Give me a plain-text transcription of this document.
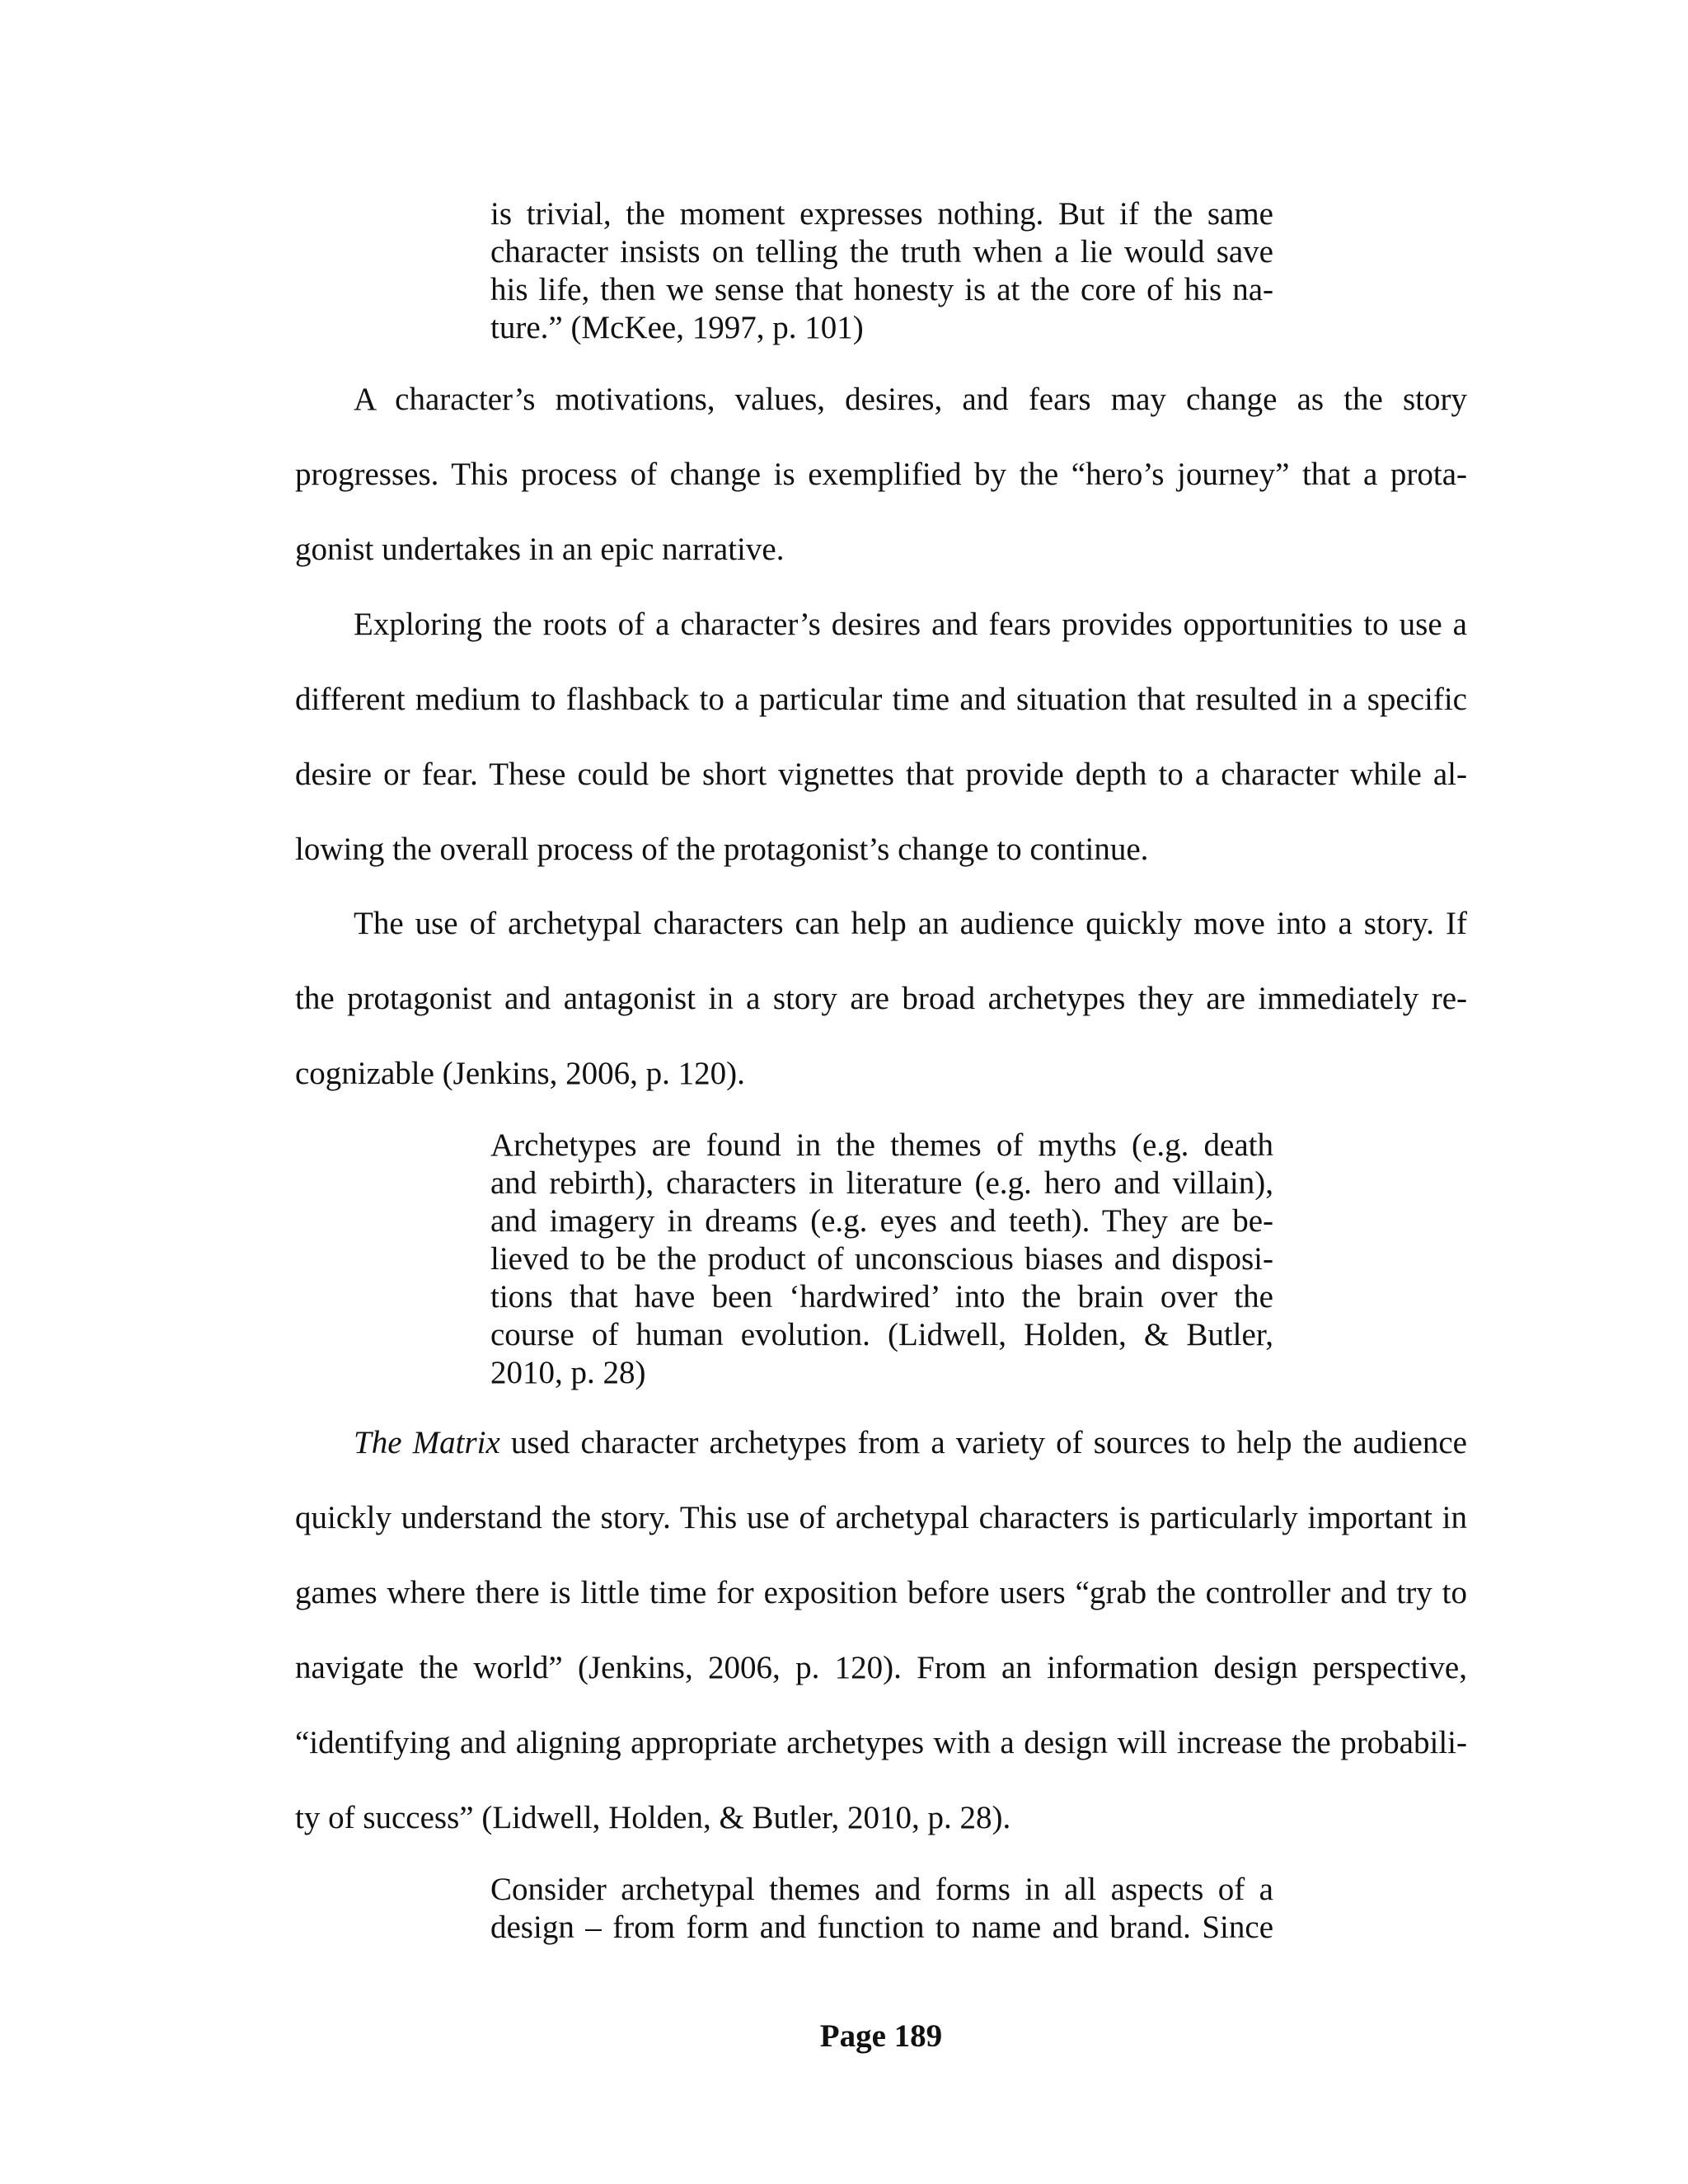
is trivial, the moment expresses nothing. But if the same

character insists on telling the truth when a lie would save

his life, then we sense that honesty is at the core of his na-

ture.” (McKee, 1997, p. 101)

A character’s motivations, values, desires, and fears may change as the story

progresses. This process of change is exemplified by the “hero’s journey” that a prota-

gonist undertakes in an epic narrative.

Exploring the roots of a character’s desires and fears provides opportunities to use a

different medium to flashback to a particular time and situation that resulted in a specific

desire or fear. These could be short vignettes that provide depth to a character while al-

lowing the overall process of the protagonist’s change to continue.

The use of archetypal characters can help an audience quickly move into a story. If

the protagonist and antagonist in a story are broad archetypes they are immediately re-

cognizable (Jenkins, 2006, p. 120).

Archetypes are found in the themes of myths (e.g. death

and rebirth), characters in literature (e.g. hero and villain),

and imagery in dreams (e.g. eyes and teeth). They are be-

lieved to be the product of unconscious biases and disposi-

tions that have been ‘hardwired’ into the brain over the

course of human evolution. (Lidwell, Holden, & Butler,

2010, p. 28)

The Matrix used character archetypes from a variety of sources to help the audience

quickly understand the story. This use of archetypal characters is particularly important in

games where there is little time for exposition before users “grab the controller and try to

navigate the world” (Jenkins, 2006, p. 120). From an information design perspective,

“identifying and aligning appropriate archetypes with a design will increase the probabili-

ty of success” (Lidwell, Holden, & Butler, 2010, p. 28).

Consider archetypal themes and forms in all aspects of a

design – from form and function to name and brand. Since

Page 189
